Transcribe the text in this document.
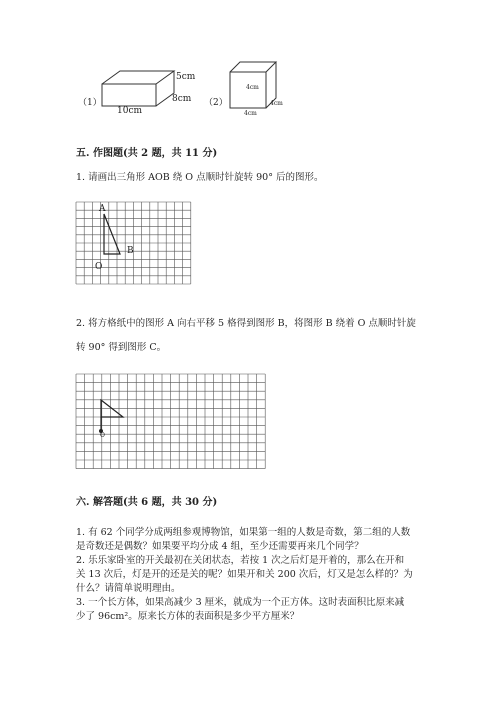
（1）
5cm
8cm
10cm
（2）
4cm
4cm
4cm
五. 作图题(共 2 题，共 11 分)
1. 请画出三角形 AOB 绕 O 点顺时针旋转 90° 后的图形。
A
B
O
2. 将方格纸中的图形 A 向右平移 5 格得到图形 B，将图形 B 绕着 O 点顺时针旋
转 90° 得到图形 C。
O
六. 解答题(共 6 题，共 30 分)
1. 有 62 个同学分成两组参观博物馆，如果第一组的人数是奇数，第二组的人数
是奇数还是偶数？如果要平均分成 4 组，至少还需要再来几个同学？
2. 乐乐家卧室的开关最初在关闭状态，若按 1 次之后灯是开着的，那么在开和
关 13 次后，灯是开的还是关的呢？如果开和关 200 次后，灯又是怎么样的？为
什么？请简单说明理由。
3. 一个长方体，如果高减少 3 厘米，就成为一个正方体。这时表面积比原来减
少了 96cm²。原来长方体的表面积是多少平方厘米？
